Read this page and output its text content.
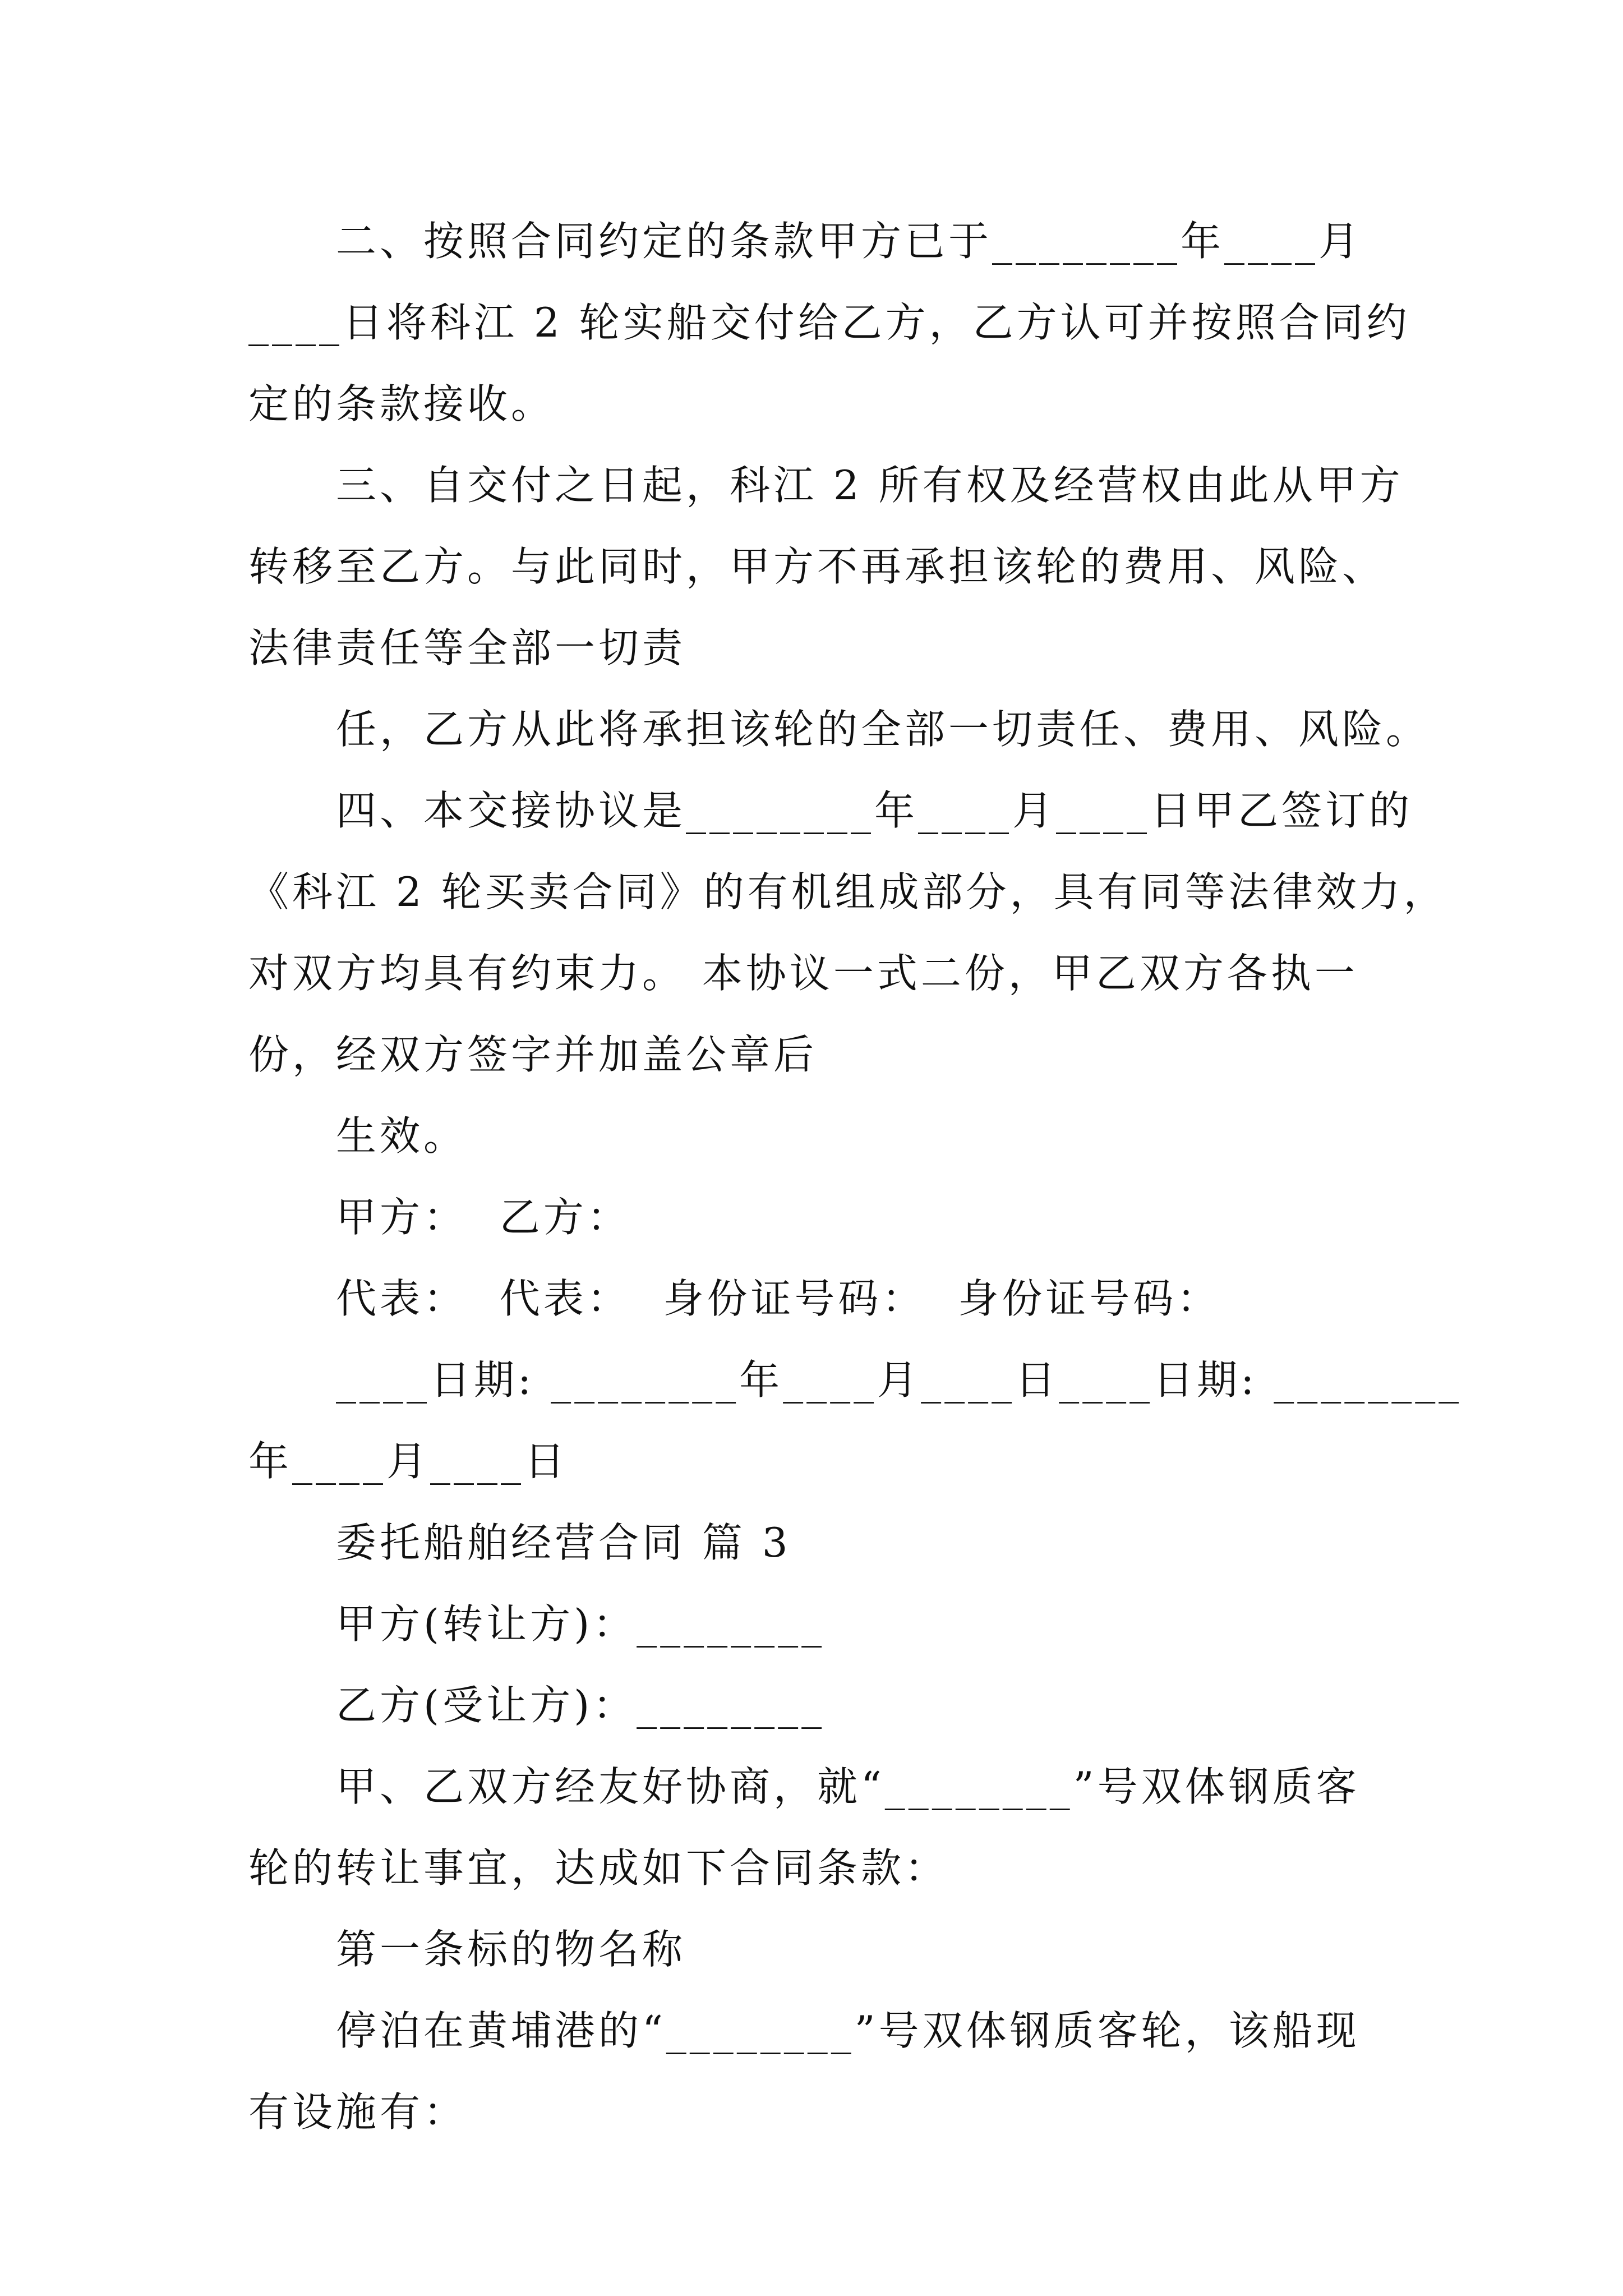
二、按照合同约定的条款甲方已于________年____月
____日将科江 2 轮实船交付给乙方，乙方认可并按照合同约
定的条款接收。
三、自交付之日起，科江 2 所有权及经营权由此从甲方
转移至乙方。与此同时，甲方不再承担该轮的费用、风险、
法律责任等全部一切责
任，乙方从此将承担该轮的全部一切责任、费用、风险。
四、本交接协议是________年____月____日甲乙签订的
《科江 2 轮买卖合同》的有机组成部分，具有同等法律效力，
对双方均具有约束力。 本协议一式二份，甲乙双方各执一
份，经双方签字并加盖公章后
生效。
甲方：  乙方：
代表：  代表：  身份证号码：  身份证号码：
____日期: ________年____月____日____日期: ________
年____月____日
委托船舶经营合同 篇 3
甲方(转让方)：________
乙方(受让方)：________
甲、乙双方经友好协商，就“________”号双体钢质客
轮的转让事宜，达成如下合同条款：
第一条标的物名称
停泊在黄埔港的“________”号双体钢质客轮，该船现
有设施有：
